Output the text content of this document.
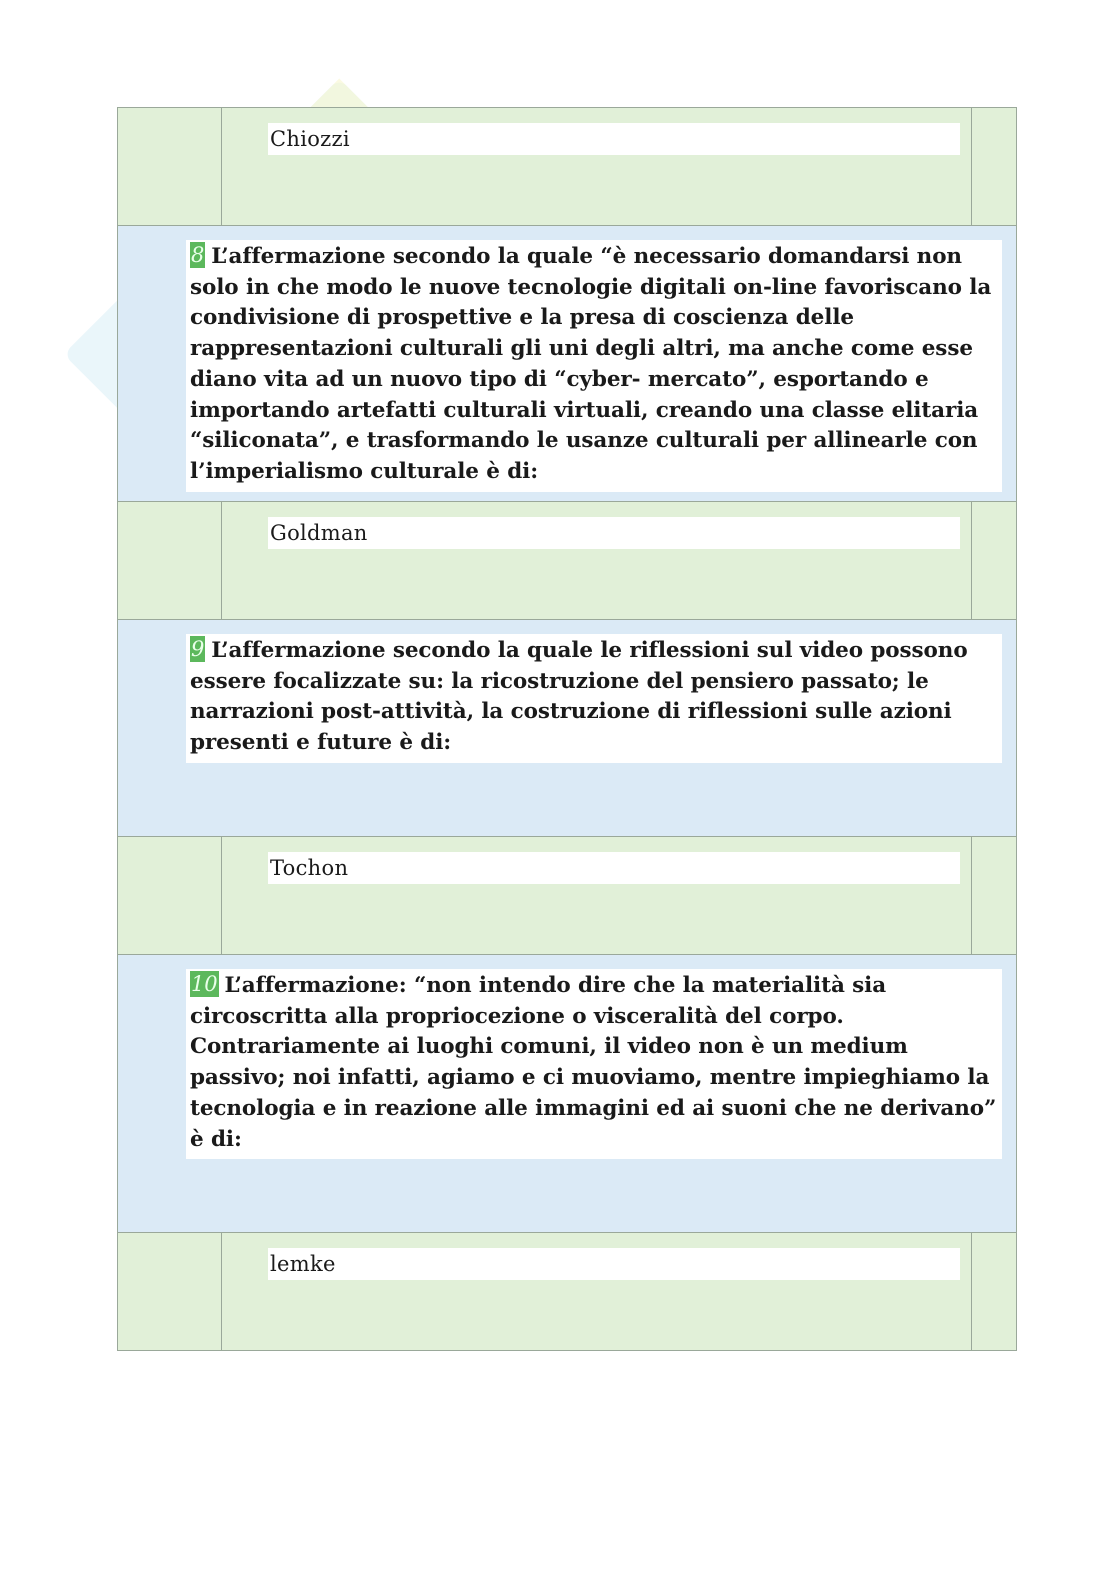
Chiozzi
8 L’affermazione secondo la quale “è necessario domandarsi non solo in che modo le nuove tecnologie digitali on-line favoriscano la condivisione di prospettive e la presa di coscienza delle rappresentazioni culturali gli uni degli altri, ma anche come esse diano vita ad un nuovo tipo di “cyber- mercato”, esportando e importando artefatti culturali virtuali, creando una classe elitaria “siliconata”, e trasformando le usanze culturali per allinearle con l’imperialismo culturale è di:
Goldman
9 L’affermazione secondo la quale le riflessioni sul video possono essere focalizzate su: la ricostruzione del pensiero passato; le narrazioni post-attività, la costruzione di riflessioni sulle azioni presenti e future è di:
Tochon
10 L’affermazione: “non intendo dire che la materialità sia circoscritta alla propriocezione o visceralità del corpo. Contrariamente ai luoghi comuni, il video non è un medium passivo; noi infatti, agiamo e ci muoviamo, mentre impieghiamo la tecnologia e in reazione alle immagini ed ai suoni che ne derivano” è di:
lemke
